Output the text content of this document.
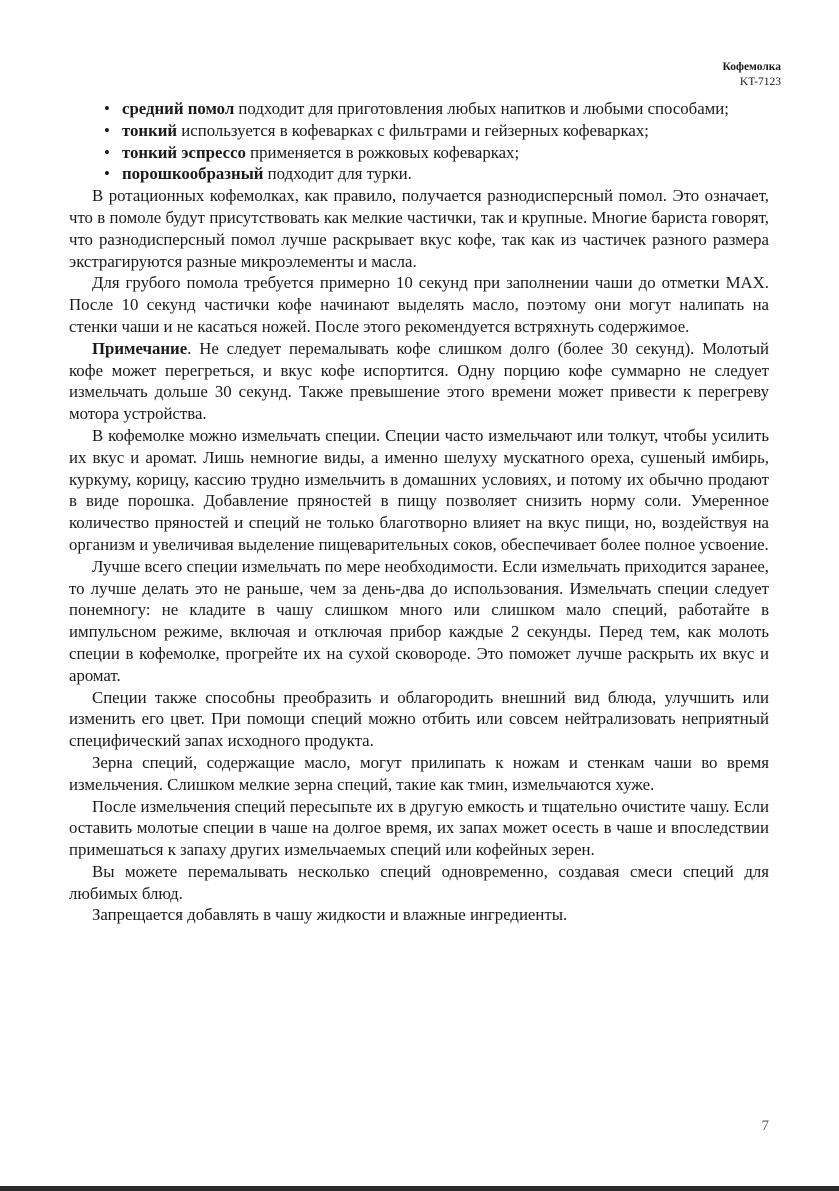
Кофемолка
KT-7123
• средний помол подходит для приготовления любых напитков и любыми способами;
• тонкий используется в кофеварках с фильтрами и гейзерных кофеварках;
• тонкий эспрессо применяется в рожковых кофеварках;
• порошкообразный подходит для турки.

В ротационных кофемолках, как правило, получается разнодисперсный помол. Это означает, что в помоле будут присутствовать как мелкие частички, так и крупные. Многие бариста говорят, что разнодисперсный помол лучше раскрывает вкус кофе, так как из частичек разного размера экстрагируются разные микроэлементы и масла.

Для грубого помола требуется примерно 10 секунд при заполнении чаши до отметки MAX. После 10 секунд частички кофе начинают выделять масло, поэтому они могут налипать на стенки чаши и не касаться ножей. После этого рекомендуется встряхнуть содержимое.

Примечание. Не следует перемалывать кофе слишком долго (более 30 секунд). Молотый кофе может перегреться, и вкус кофе испортится. Одну порцию кофе суммарно не следует измельчать дольше 30 секунд. Также превышение этого времени может привести к перегреву мотора устройства.

В кофемолке можно измельчать специи. Специи часто измельчают или толкут, чтобы усилить их вкус и аромат. Лишь немногие виды, а именно шелуху мускатного ореха, сушеный имбирь, куркуму, корицу, кассию трудно измельчить в домашних условиях, и потому их обычно продают в виде порошка. Добавление пряностей в пищу позволяет снизить норму соли. Умеренное количество пряностей и специй не только благотворно влияет на вкус пищи, но, воздействуя на организм и увеличивая выделение пищеварительных соков, обеспечивает более полное усвоение.

Лучше всего специи измельчать по мере необходимости. Если измельчать приходится заранее, то лучше делать это не раньше, чем за день-два до использования. Измельчать специи следует понемногу: не кладите в чашу слишком много или слишком мало специй, работайте в импульсном режиме, включая и отключая прибор каждые 2 секунды. Перед тем, как молоть специи в кофемолке, прогрейте их на сухой сковороде. Это поможет лучше раскрыть их вкус и аромат.

Специи также способны преобразить и облагородить внешний вид блюда, улучшить или изменить его цвет. При помощи специй можно отбить или совсем нейтрализовать неприятный специфический запах исходного продукта.

Зерна специй, содержащие масло, могут прилипать к ножам и стенкам чаши во время измельчения. Слишком мелкие зерна специй, такие как тмин, измельчаются хуже.

После измельчения специй пересыпьте их в другую емкость и тщательно очистите чашу. Если оставить молотые специи в чаше на долгое время, их запах может осесть в чаше и впоследствии примешаться к запаху других измельчаемых специй или кофейных зерен.

Вы можете перемалывать несколько специй одновременно, создавая смеси специй для любимых блюд.

Запрещается добавлять в чашу жидкости и влажные ингредиенты.

7
